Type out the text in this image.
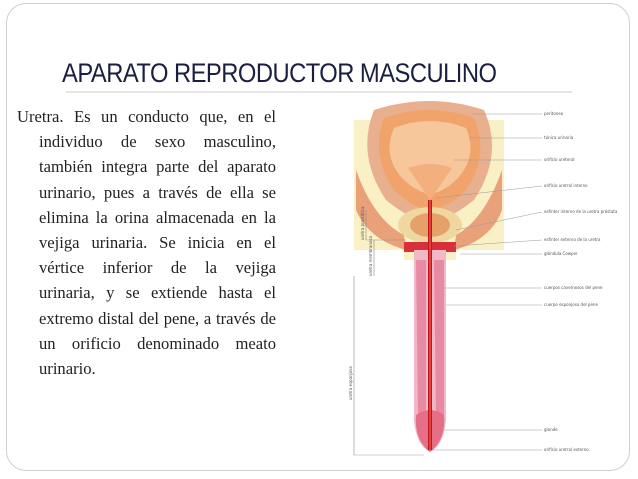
APARATO REPRODUCTOR MASCULINO
Uretra. Es un conducto que, en el individuo de sexo masculino, también integra parte del aparato urinario, pues a través de ella se elimina la orina almacenada en la vejiga urinaria. Se inicia en el vértice inferior de la vejiga urinaria, y se extiende hasta el extremo distal del pene, a través de un orificio denominado meato urinario.
uretra prostática
uretra membranosa
uretra esponjosa
peritoneo
túnica urinaria
orificio ureteral
orificio uretral interno
esfínter interno de la uretra próstata
esfínter externo de la uretra
glándula Cowper
cuerpos cavernosos del pene
cuerpo esponjoso del pene
glande
orificio uretral externo
